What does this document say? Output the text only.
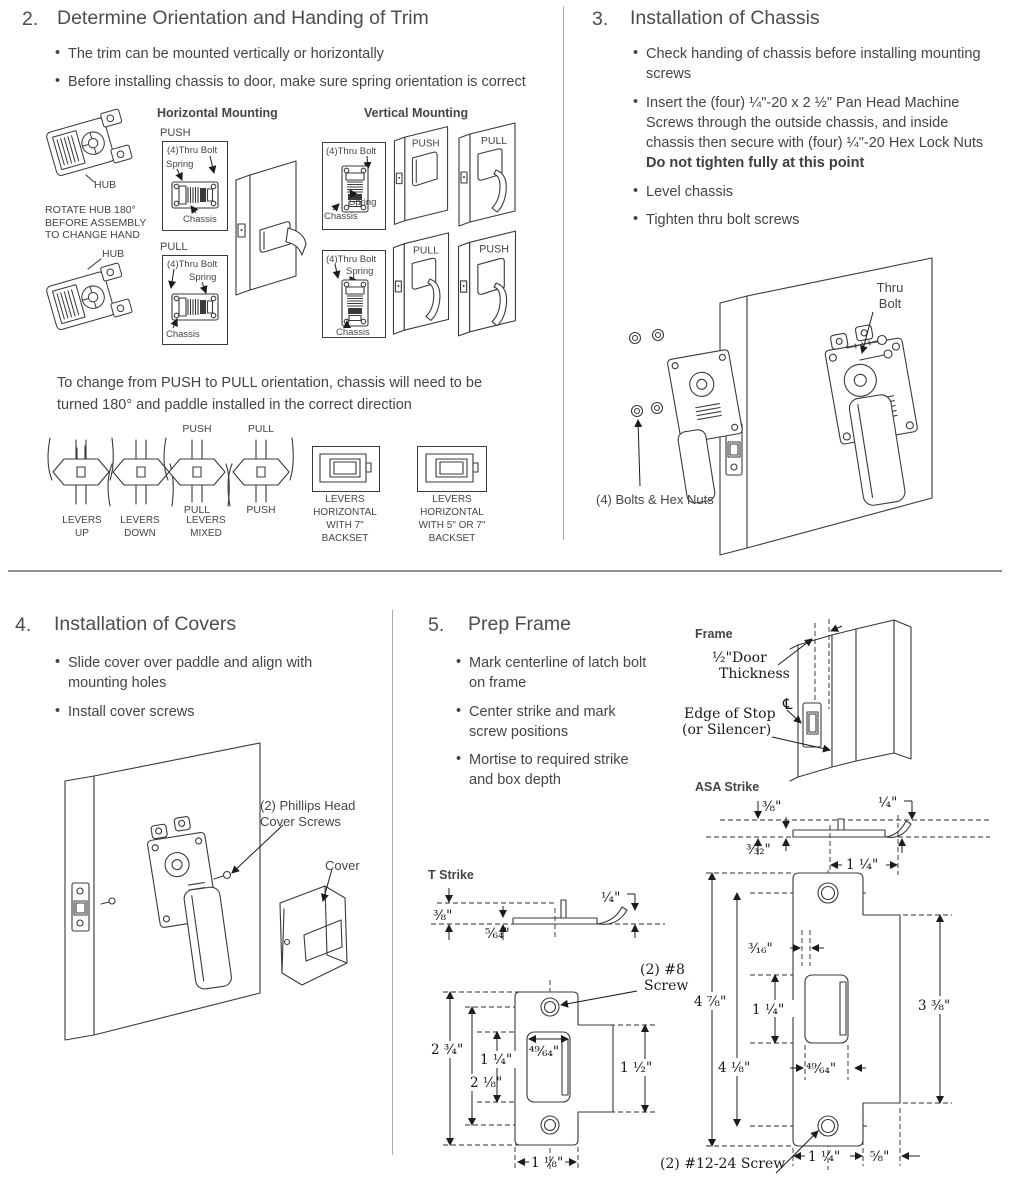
2. Determine Orientation and Handing of Trim
• The trim can be mounted vertically or horizontally
• Before installing chassis to door, make sure spring orientation is correct
HUB
ROTATE HUB 180° BEFORE ASSEMBLY TO CHANGE HAND
HUB
Horizontal Mounting
PUSH
(4)Thru Bolt
Spring
Chassis
PULL
(4)Thru Bolt
Spring
Chassis
Vertical Mounting
(4)Thru Bolt
Spring
Chassis
PUSH	PULL
(4)Thru Bolt
Spring
Chassis
PULL	PUSH
To change from PUSH to PULL orientation, chassis will need to be turned 180° and paddle installed in the correct direction
PUSH
PULL
PULL
PUSH
LEVERS UP
LEVERS DOWN
LEVERS MIXED
LEVERS HORIZONTAL WITH 7" BACKSET
LEVERS HORIZONTAL WITH 5" OR 7" BACKSET
3. Installation of Chassis
• Check handing of chassis before installing mounting screws
• Insert the (four) ¼"-20 x 2 ½" Pan Head Machine Screws through the outside chassis, and inside chassis then secure with (four) ¼"-20 Hex Lock Nuts
Do not tighten fully at this point
• Level chassis
• Tighten thru bolt screws
Thru
Bolt
(4) Bolts & Hex Nuts
4. Installation of Covers
• Slide cover over paddle and align with mounting holes
• Install cover screws
(2) Phillips Head Cover Screws
Cover
5. Prep Frame
• Mark centerline of latch bolt on frame
• Center strike and mark screw positions
• Mortise to required strike and box depth
Frame
¹⁄₂"Door
Thickness
Edge of Stop
(or Silencer)
℄
ASA Strike
³⁄₈"
³⁄₃₂"
¹⁄₄"
1 ¹⁄₄"
4 ⁷⁄₈"
4 ¹⁄₈"
1 ¹⁄₄"
³⁄₁₆"
3 ³⁄₈"
⁴⁹⁄₆₄"
1 ¹⁄₄" ⁵⁄₈"
(2) #12-24 Screw
T Strike
³⁄₈"
⁵⁄₆₄"
¹⁄₄"
2 ³⁄₄"
2 ¹⁄₈"
1 ¹⁄₄" ⁴⁹⁄₆₄"
1 ¹⁄₂"
1 ¹⁄₈"
(2) #8
Screw
